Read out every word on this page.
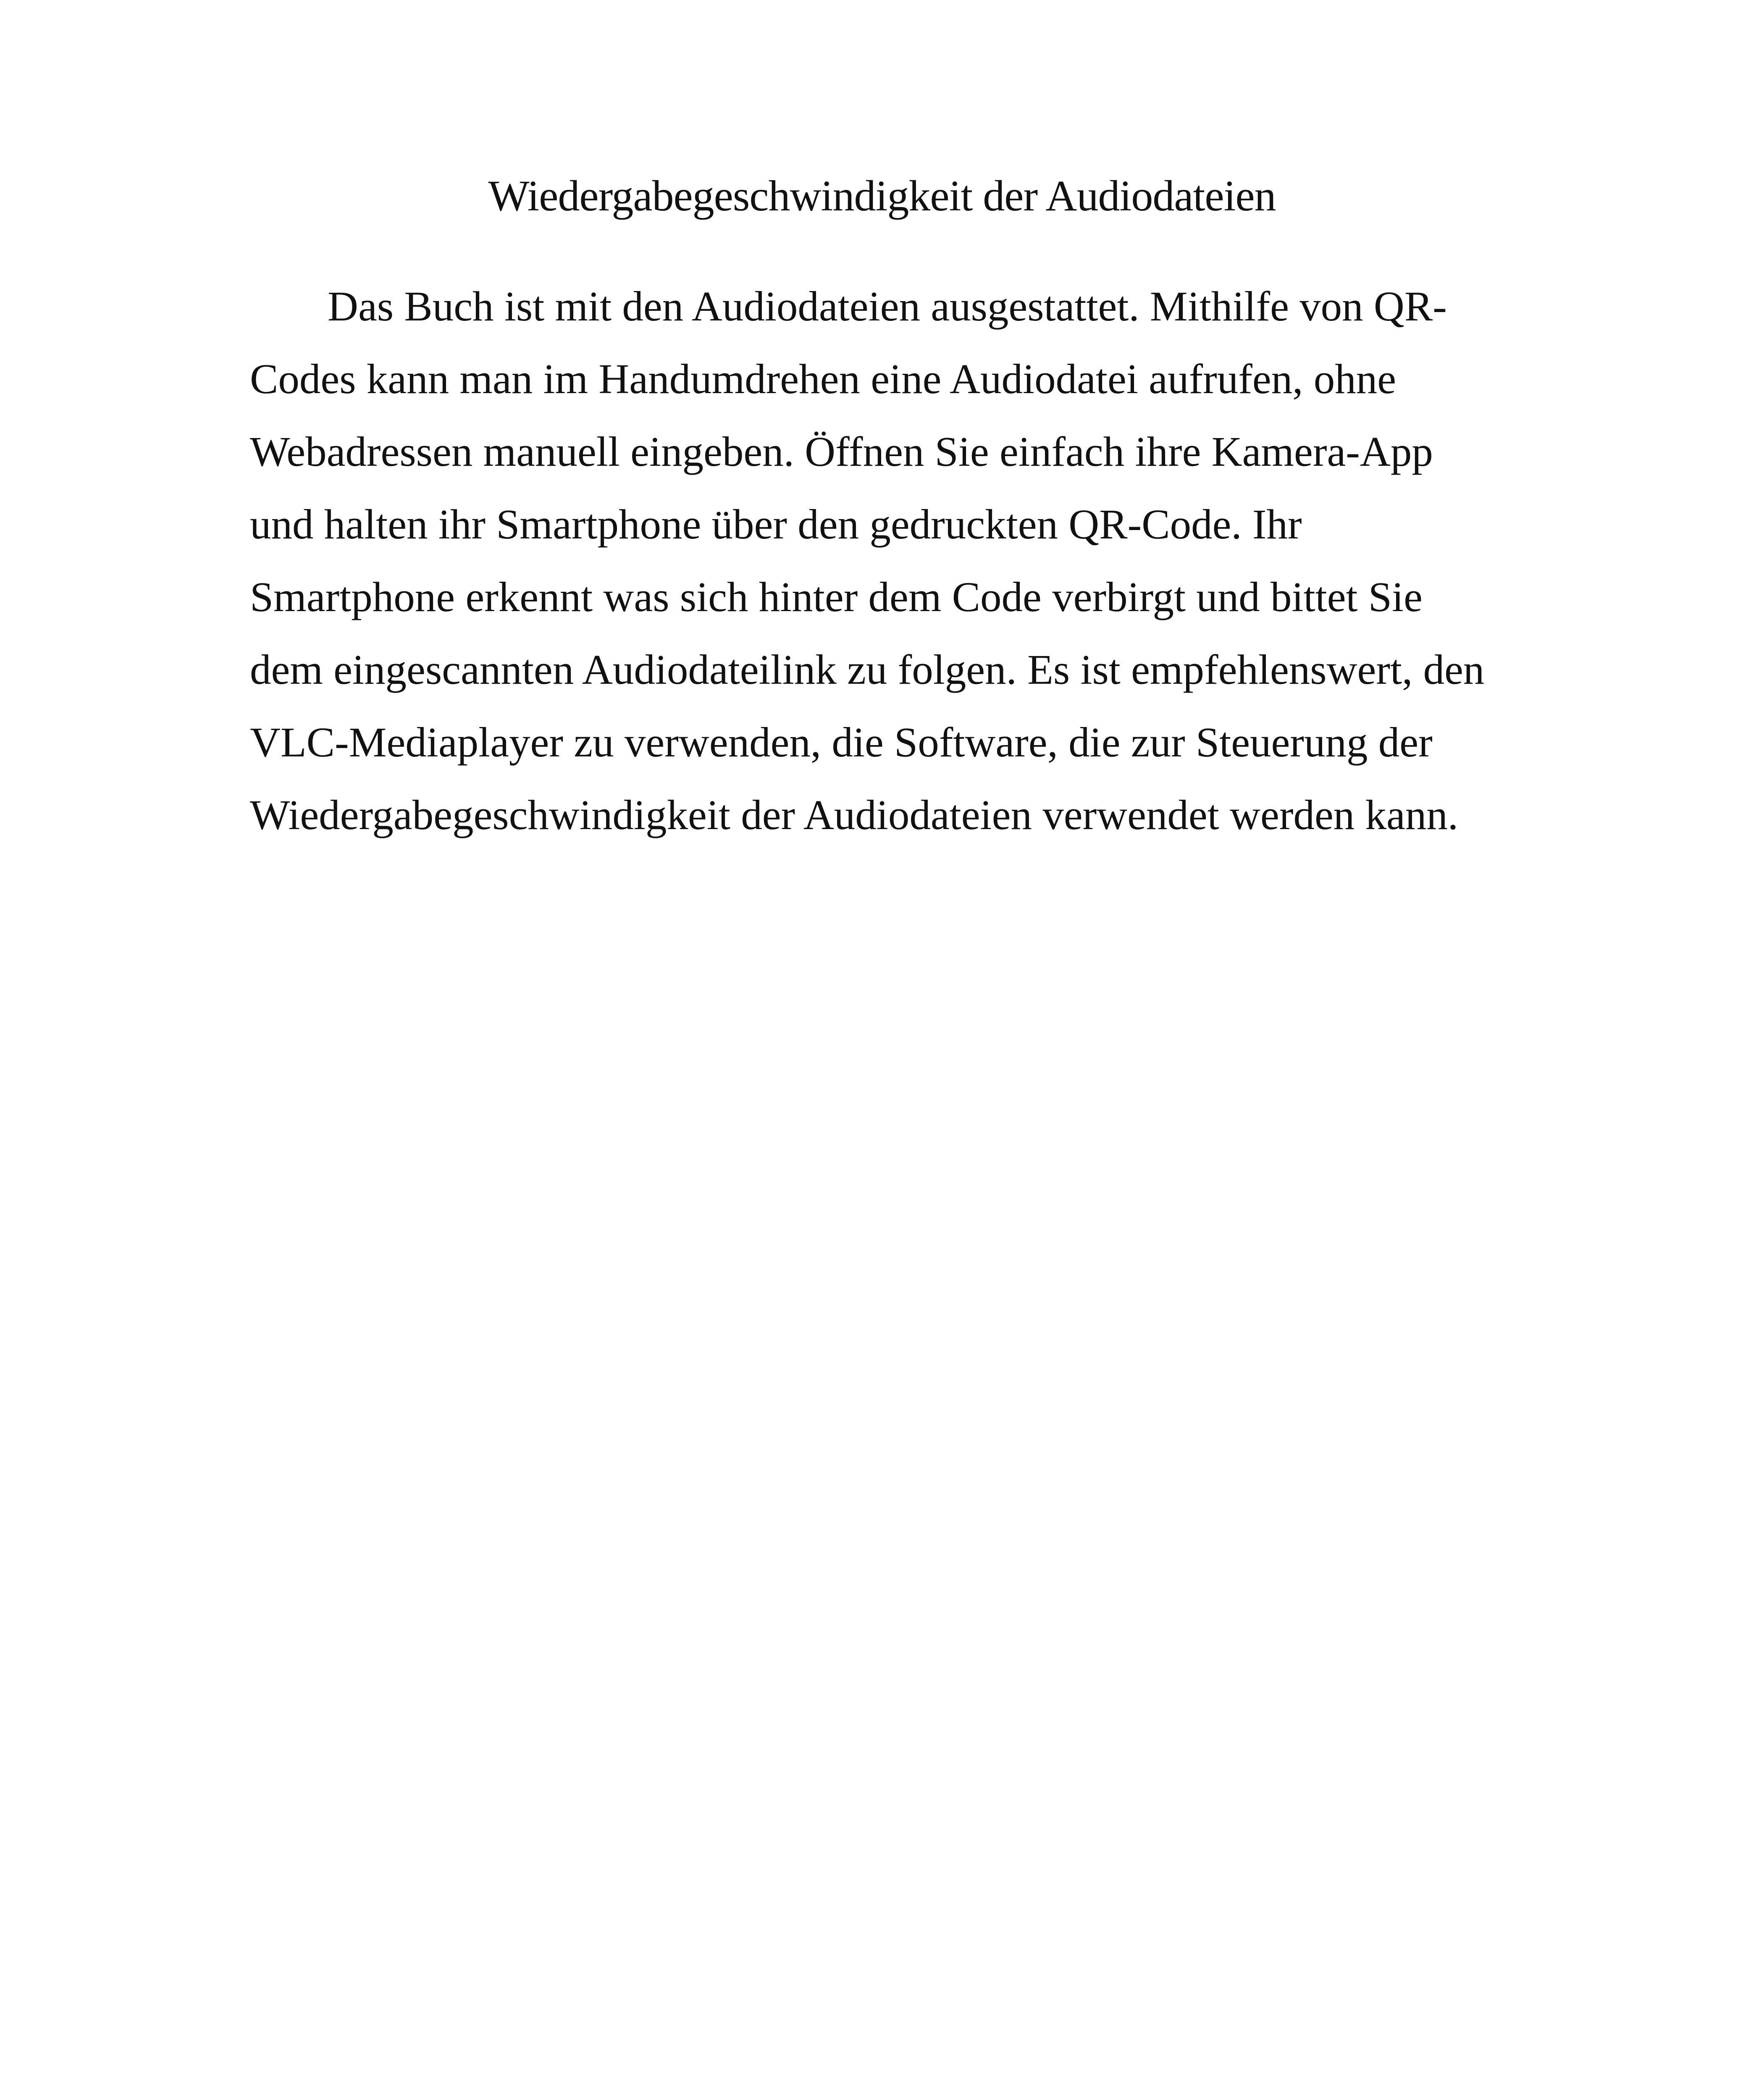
Wiedergabegeschwindigkeit der Audiodateien
Das Buch ist mit den Audiodateien ausgestattet. Mithilfe von QR-
Codes kann man im Handumdrehen eine Audiodatei aufrufen, ohne
Webadressen manuell eingeben. Öffnen Sie einfach ihre Kamera-App
und halten ihr Smartphone über den gedruckten QR-Code. Ihr
Smartphone erkennt was sich hinter dem Code verbirgt und bittet Sie
dem eingescannten Audiodateilink zu folgen. Es ist empfehlenswert, den
VLC-Mediaplayer zu verwenden, die Software, die zur Steuerung der
Wiedergabegeschwindigkeit der Audiodateien verwendet werden kann.
